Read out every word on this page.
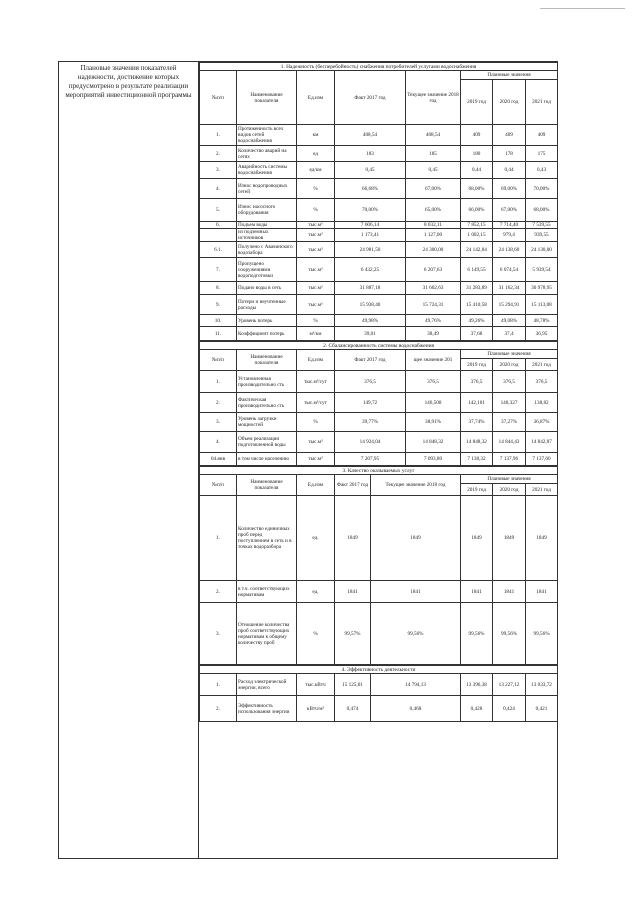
Плановые значения показателей надежности, достижение которых предусмотрено в результате реализации мероприятий инвестиционной программы
1. Надежность (бесперебойность) снабжения потребителей услугами водоснабжения							
№п/п	Наименование показателя	Ед.изм	Факт 2017 год	Текущее значение 2018 год	Плановые значения		
					2019 год	2020 год	2021 год
1.	Протяженность всех видов сетей водоснабжения	км	408,54	408,54	409	409	409
2.	Количество аварий на сетях	ед	183	185	180	178	175
3.	Аварийность системы водоснабжения	ед/км	0,45	0,45	0,44	0,44	0,43
4.	Износ водопроводных сетей	%	66,68%	67,00%	68,00%	69,00%	70,00%
5.	Износ насосного оборудования	%	70,00%	65,00%	66,00%	67,00%	68,00%
6.	Подъем воды	тыс.м³	7 606,14	8 032,11	7 852,15	7 714,40	7 539,55
	из подземных источников	тыс.м³	1 173,41	1 127,00	1 002,15	979,4	939,55
6.1.	Получено с Авачинского водозабора	тыс.м³	24 981,50	24 300,00	24 142,84	24 138,60	24 130,00
7.	Пропущено сооружениями водоподготовки	тыс.м³	6 432,25	6 207,63	6 149,55	6 074,54	5 939,54
8.	Подано воды в сеть	тыс.м³	31 887,18	31 602,63	31 283,89	31 162,34	30 978,95
9.	Потери и неучтенные расходы	тыс.м³	15 938,40	15 724,31	15 410,58	15 294,91	15 113,08
10.	Уровень потерь	%	49,98%	49,76%	49,26%	49,08%	48,78%
11.	Коэффициент потерь	м³/км	39,01	38,49	37,68	37,4	36,95
2. Сбалансированность системы водоснабжения							
№п/п	Наименование показателя	Ед.изм	Факт 2017 год	щее значение 201	Плановые значения		
					2019 год	2020 год	2021 год
1.	Установленная производительно сть	тыс.м³/сут	376,5	376,5	376,5	376,5	376,5
2.	Фактическая производительно сть	тыс.м³/сут	149,72	146,508	142,101	140,327	138,82
3.	Уровень загрузки мощностей	%	39,77%	38,91%	37,74%	37,27%	36,87%
4.	Объем реализации подготовленной воды	тыс.м³	14 924,04	14 848,32	14 848,32	14 844,43	14 842,87
04.янв	в том числе населению	тыс.м³	7 207,95	7 093,80	7 138,32	7 137,96	7 137,60
3. Качество оказываемых услуг							
№п/п	Наименование показателя	Ед.изм	Факт 2017 год	Текущее значение 2018 год	Плановые значения		
					2019 год	2020 год	2021 год
1.	Количество единичных проб перед поступлением в сеть и в точках водоразбора	ед.	1849	1849	1849	1849	1849
2.	в т.ч. соответствующих нормативам	ед.	1841	1841	1841	1841	1841
3.	Отношение количества проб соответствующих нормативам к общему количеству проб	%	99,57%	99,56%	99,56%	99,56%	99,56%
4. Эффективность деятельности							
1.	Расход электрической энергии, всего	тыс.кВтч	15 125,01	14 794,13	13 396,38	13 227,12	13 033,72
2.	Эффективность использования энергии	кВтч/м³	0,474	0,468	0,428	0,424	0,421
